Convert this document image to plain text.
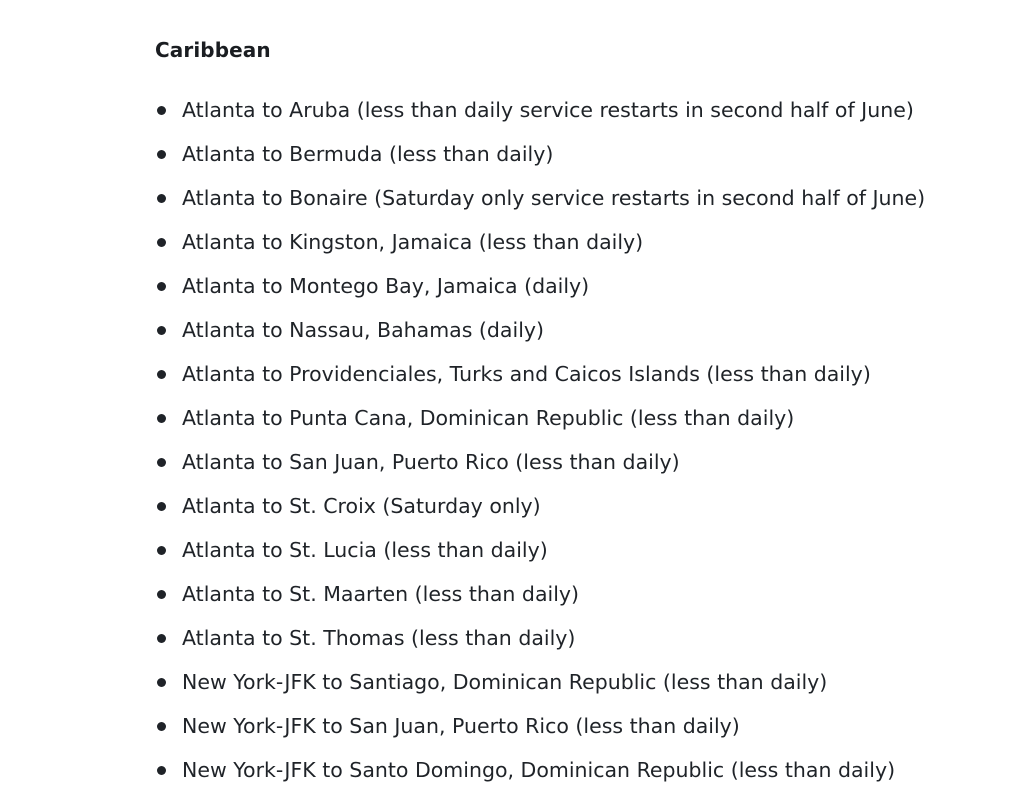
Caribbean
Atlanta to Aruba (less than daily service restarts in second half of June)
Atlanta to Bermuda (less than daily)
Atlanta to Bonaire (Saturday only service restarts in second half of June)
Atlanta to Kingston, Jamaica (less than daily)
Atlanta to Montego Bay, Jamaica (daily)
Atlanta to Nassau, Bahamas (daily)
Atlanta to Providenciales, Turks and Caicos Islands (less than daily)
Atlanta to Punta Cana, Dominican Republic (less than daily)
Atlanta to San Juan, Puerto Rico (less than daily)
Atlanta to St. Croix (Saturday only)
Atlanta to St. Lucia (less than daily)
Atlanta to St. Maarten (less than daily)
Atlanta to St. Thomas (less than daily)
New York-JFK to Santiago, Dominican Republic (less than daily)
New York-JFK to San Juan, Puerto Rico (less than daily)
New York-JFK to Santo Domingo, Dominican Republic (less than daily)
